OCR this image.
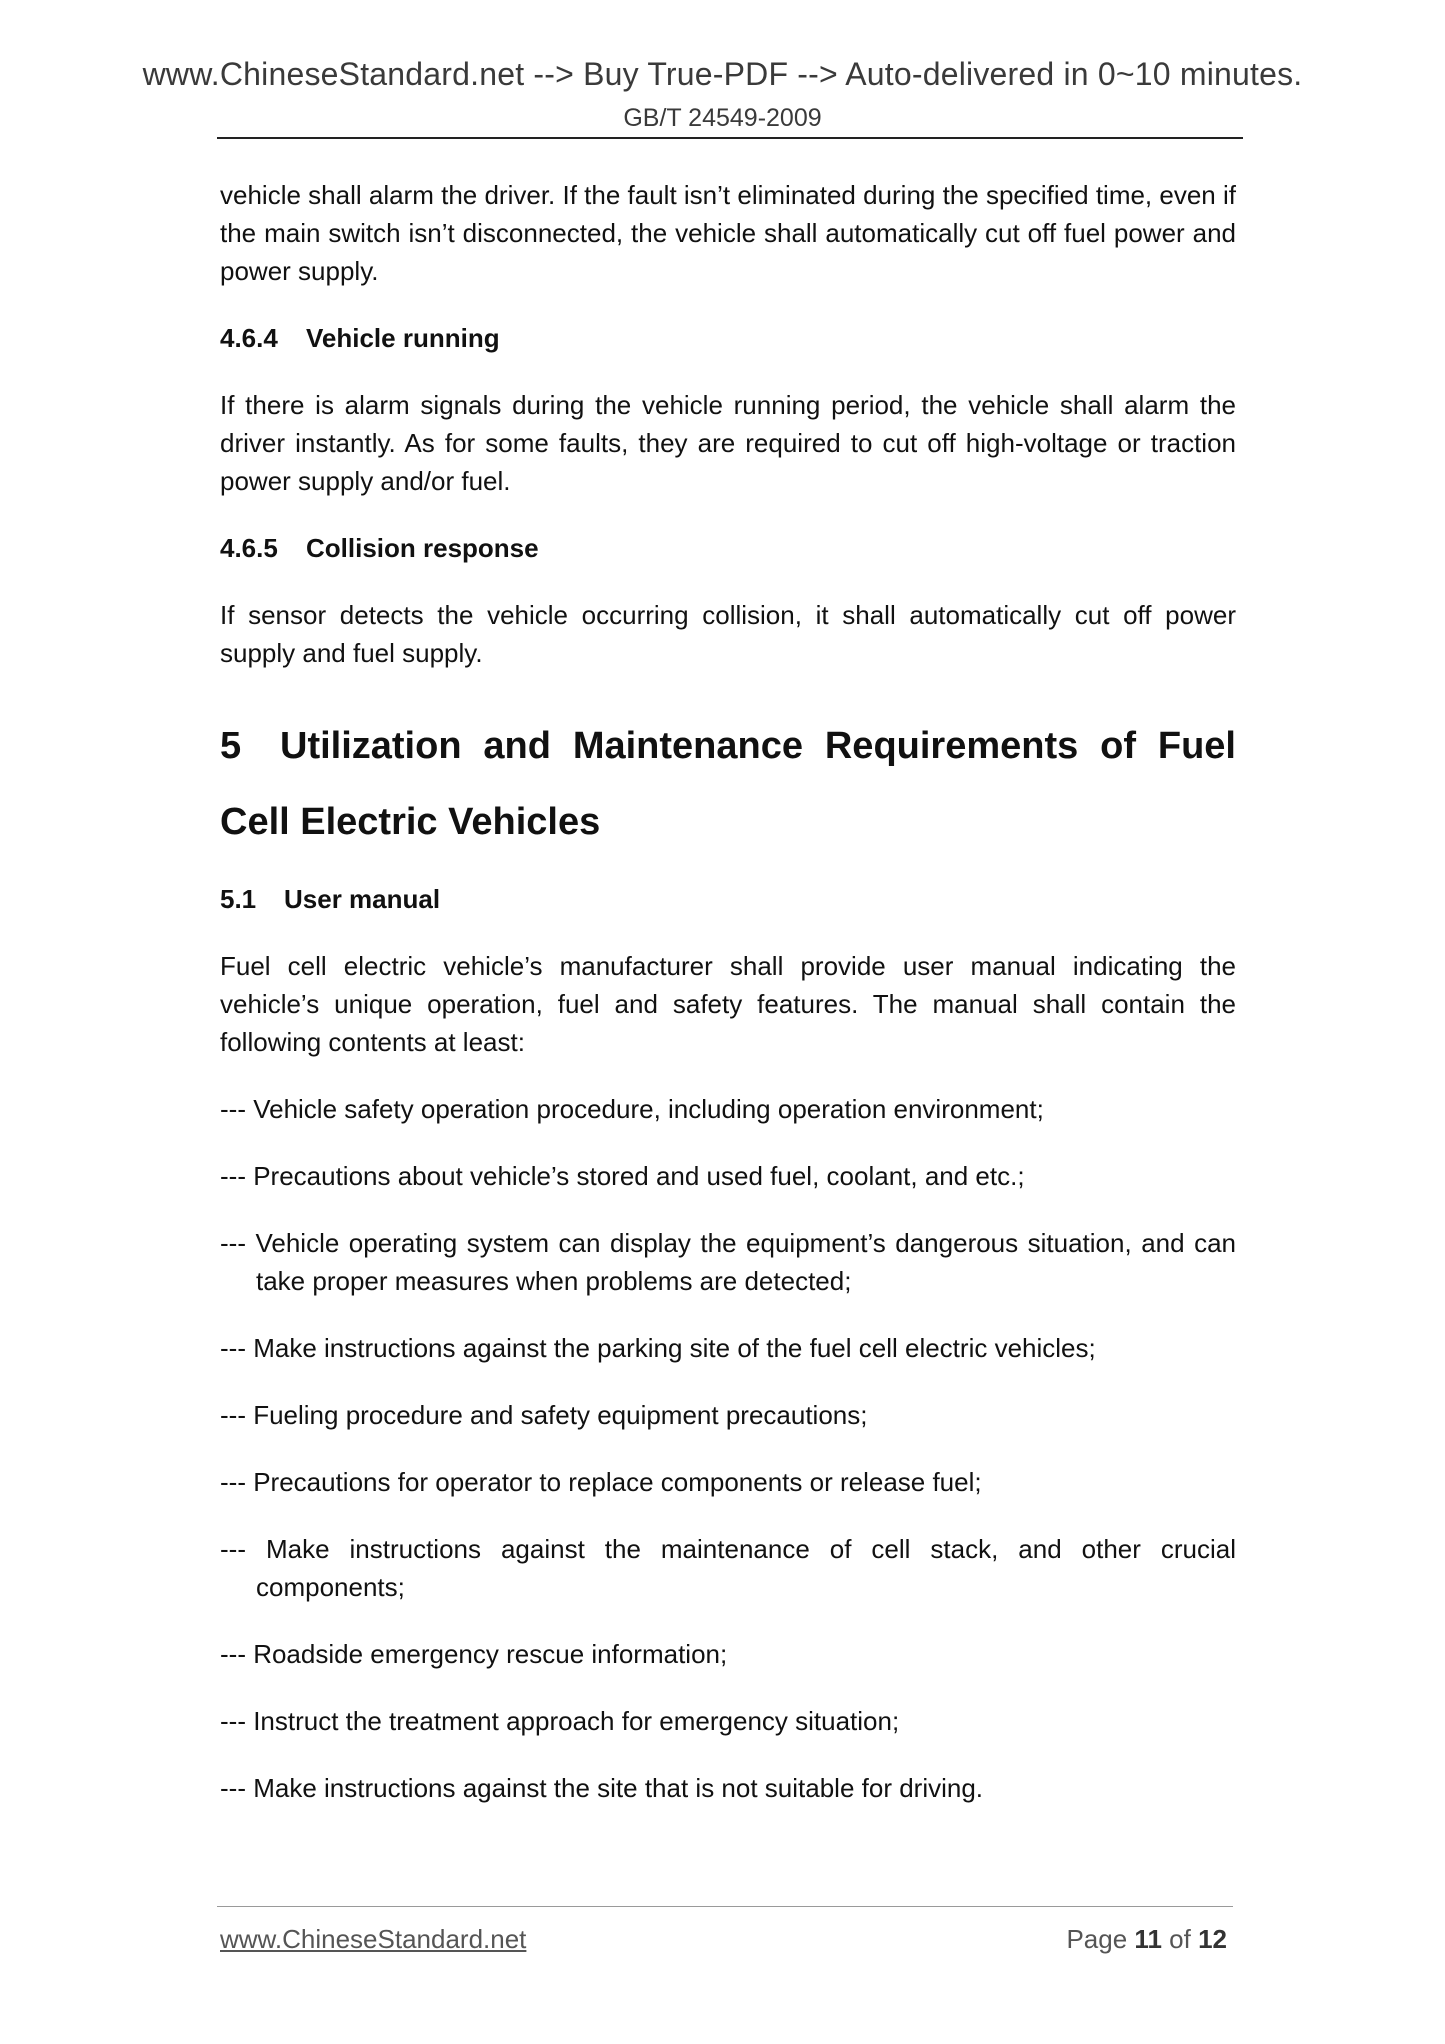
www.ChineseStandard.net --> Buy True-PDF --> Auto-delivered in 0~10 minutes.
GB/T 24549-2009

vehicle shall alarm the driver. If the fault isn’t eliminated during the specified time, even if the main switch isn’t disconnected, the vehicle shall automatically cut off fuel power and power supply.

4.6.4 Vehicle running

If there is alarm signals during the vehicle running period, the vehicle shall alarm the driver instantly. As for some faults, they are required to cut off high-voltage or traction power supply and/or fuel.

4.6.5 Collision response

If sensor detects the vehicle occurring collision, it shall automatically cut off power supply and fuel supply.

5 Utilization and Maintenance Requirements of Fuel Cell Electric Vehicles
5.1 User manual

Fuel cell electric vehicle’s manufacturer shall provide user manual indicating the vehicle’s unique operation, fuel and safety features. The manual shall contain the following contents at least:

--- Vehicle safety operation procedure, including operation environment;
--- Precautions about vehicle’s stored and used fuel, coolant, and etc.;
--- Vehicle operating system can display the equipment’s dangerous situation, and can take proper measures when problems are detected;
--- Make instructions against the parking site of the fuel cell electric vehicles;
--- Fueling procedure and safety equipment precautions;
--- Precautions for operator to replace components or release fuel;
--- Make instructions against the maintenance of cell stack, and other crucial components;
--- Roadside emergency rescue information;
--- Instruct the treatment approach for emergency situation;
--- Make instructions against the site that is not suitable for driving.
www.ChineseStandard.net	Page 11 of 12
